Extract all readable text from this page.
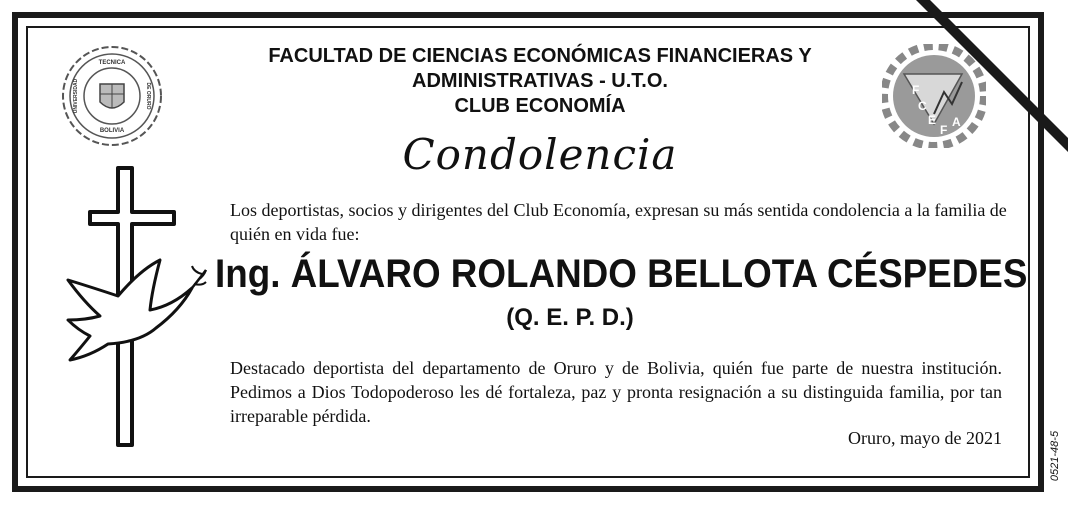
TECNICA
UNIVERSIDAD	DE ORURO
BOLIVIA
F
C
E
F
A
FACULTAD DE CIENCIAS ECONÓMICAS FINANCIERAS Y
ADMINISTRATIVAS - U.T.O.
CLUB ECONOMÍA
Condolencia
Los deportistas, socios y dirigentes del Club Economía, expresan su más sentida condolencia a la familia de quién en vida fue:
Ing. ÁLVARO ROLANDO BELLOTA CÉSPEDES
(Q. E. P. D.)
Destacado deportista del departamento de Oruro y de Bolivia, quién fue parte de nuestra institución. Pedimos a Dios Todopoderoso les dé fortaleza, paz y pronta resignación a su distinguida familia, por tan irreparable pérdida.
Oruro, mayo de 2021	0521-48-5
